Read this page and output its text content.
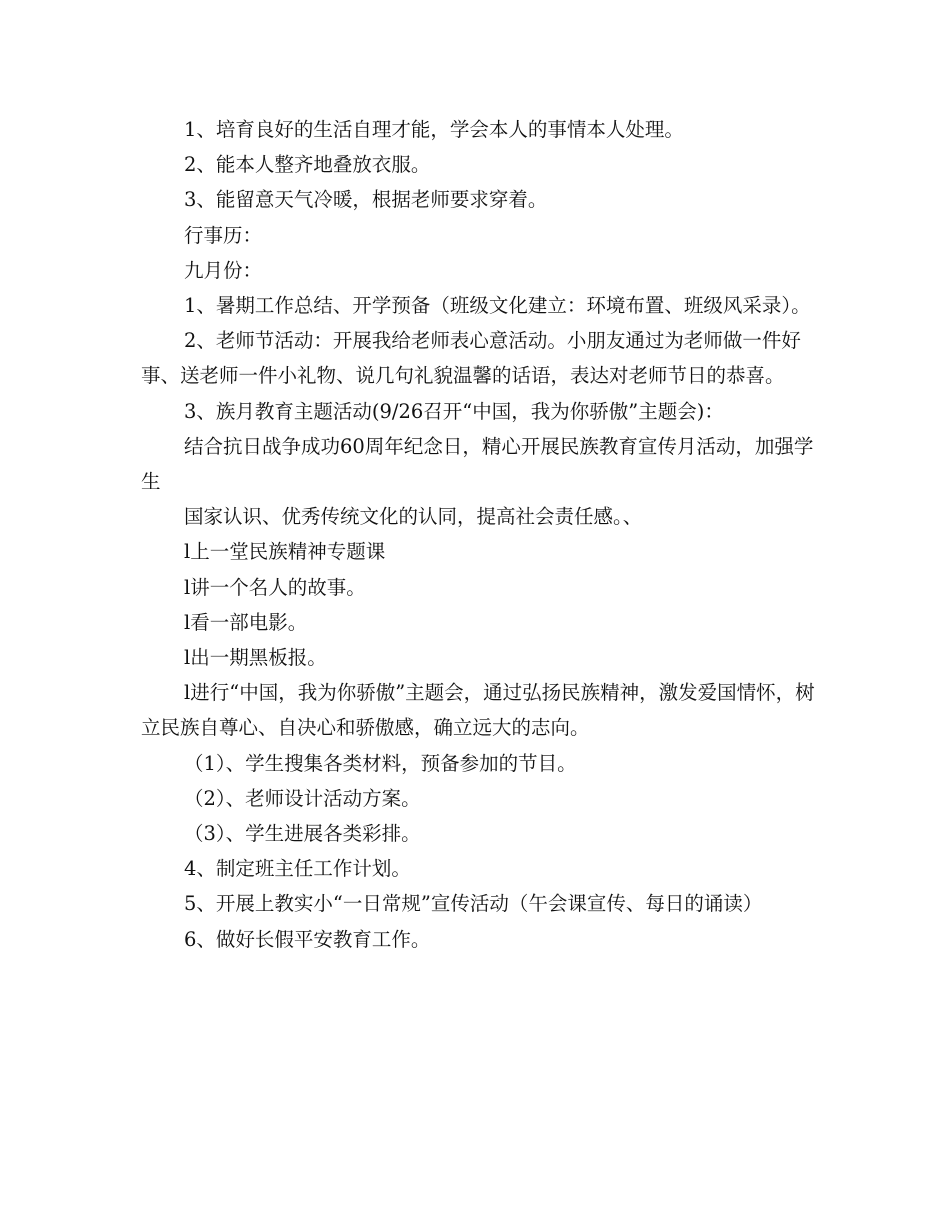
1、培育良好的生活自理才能，学会本人的事情本人处理。

2、能本人整齐地叠放衣服。

3、能留意天气冷暖，根据老师要求穿着。

行事历：

九月份：

1、暑期工作总结、开学预备（班级文化建立：环境布置、班级风采录）。

2、老师节活动：开展我给老师表心意活动。小朋友通过为老师做一件好事、送老师一件小礼物、说几句礼貌温馨的话语，表达对老师节日的恭喜。

3、族月教育主题活动(9/26召开“中国，我为你骄傲”主题会)：

结合抗日战争成功60周年纪念日，精心开展民族教育宣传月活动，加强学生

国家认识、优秀传统文化的认同，提高社会责任感。、

l上一堂民族精神专题课

l讲一个名人的故事。

l看一部电影。

l出一期黑板报。

l进行“中国，我为你骄傲”主题会，通过弘扬民族精神，激发爱国情怀，树立民族自尊心、自决心和骄傲感，确立远大的志向。

（1）、学生搜集各类材料，预备参加的节目。

（2）、老师设计活动方案。

（3）、学生进展各类彩排。

4、制定班主任工作计划。

5、开展上教实小“一日常规”宣传活动（午会课宣传、每日的诵读）

6、做好长假平安教育工作。
